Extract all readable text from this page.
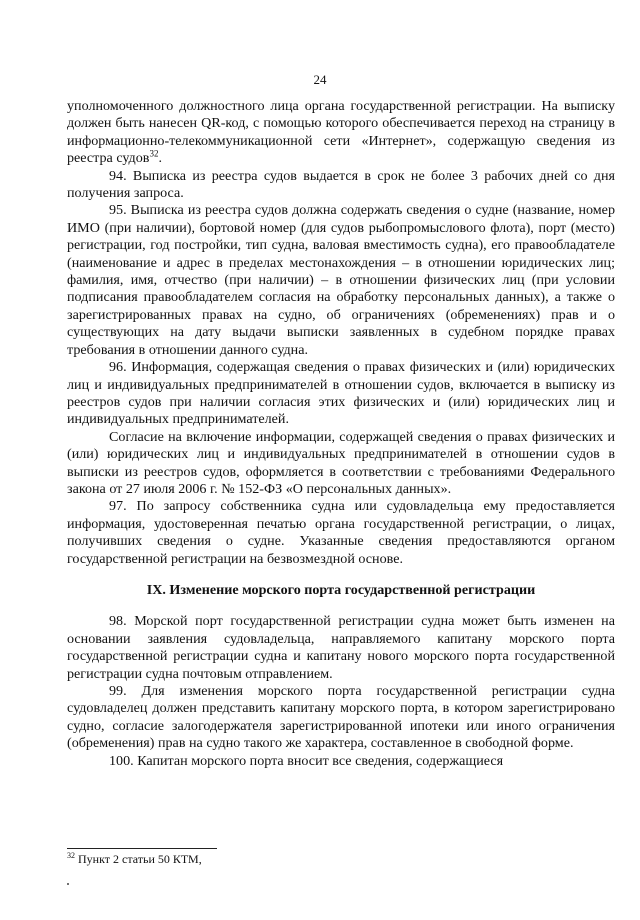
24

уполномоченного должностного лица органа государственной регистрации. На выписку должен быть нанесен QR-код, с помощью которого обеспечивается переход на страницу в информационно-телекоммуникационной сети «Интернет», содержащую сведения из реестра судов$^{32}$.

94. Выписка из реестра судов выдается в срок не более 3 рабочих дней со дня получения запроса.

95. Выписка из реестра судов должна содержать сведения о судне (название, номер ИМО (при наличии), бортовой номер (для судов рыбопромыслового флота), порт (место) регистрации, год постройки, тип судна, валовая вместимость судна), его правообладателе (наименование и адрес в пределах местонахождения – в отношении юридических лиц; фамилия, имя, отчество (при наличии) – в отношении физических лиц (при условии подписания правообладателем согласия на обработку персональных данных), а также о зарегистрированных правах на судно, об ограничениях (обременениях) прав и о существующих на дату выдачи выписки заявленных в судебном порядке правах требования в отношении данного судна.

96. Информация, содержащая сведения о правах физических и (или) юридических лиц и индивидуальных предпринимателей в отношении судов, включается в выписку из реестров судов при наличии согласия этих физических и (или) юридических лиц и индивидуальных предпринимателей.

Согласие на включение информации, содержащей сведения о правах физических и (или) юридических лиц и индивидуальных предпринимателей в отношении судов в выписки из реестров судов, оформляется в соответствии с требованиями Федерального закона от 27 июля 2006 г. № 152-ФЗ «О персональных данных».

97. По запросу собственника судна или судовладельца ему предоставляется информация, удостоверенная печатью органа государственной регистрации, о лицах, получивших сведения о судне. Указанные сведения предоставляются органом государственной регистрации на безвозмездной основе.

IX. Изменение морского порта государственной регистрации

98. Морской порт государственной регистрации судна может быть изменен на основании заявления судовладельца, направляемого капитану морского порта государственной регистрации судна и капитану нового морского порта государственной регистрации судна почтовым отправлением.

99. Для изменения морского порта государственной регистрации судна судовладелец должен представить капитану морского порта, в котором зарегистрировано судно, согласие залогодержателя зарегистрированной ипотеки или иного ограничения (обременения) прав на судно такого же характера, составленное в свободной форме.

100. Капитан морского порта вносит все сведения, содержащиеся

$^{32}$ Пункт 2 статьи 50 КТМ,
